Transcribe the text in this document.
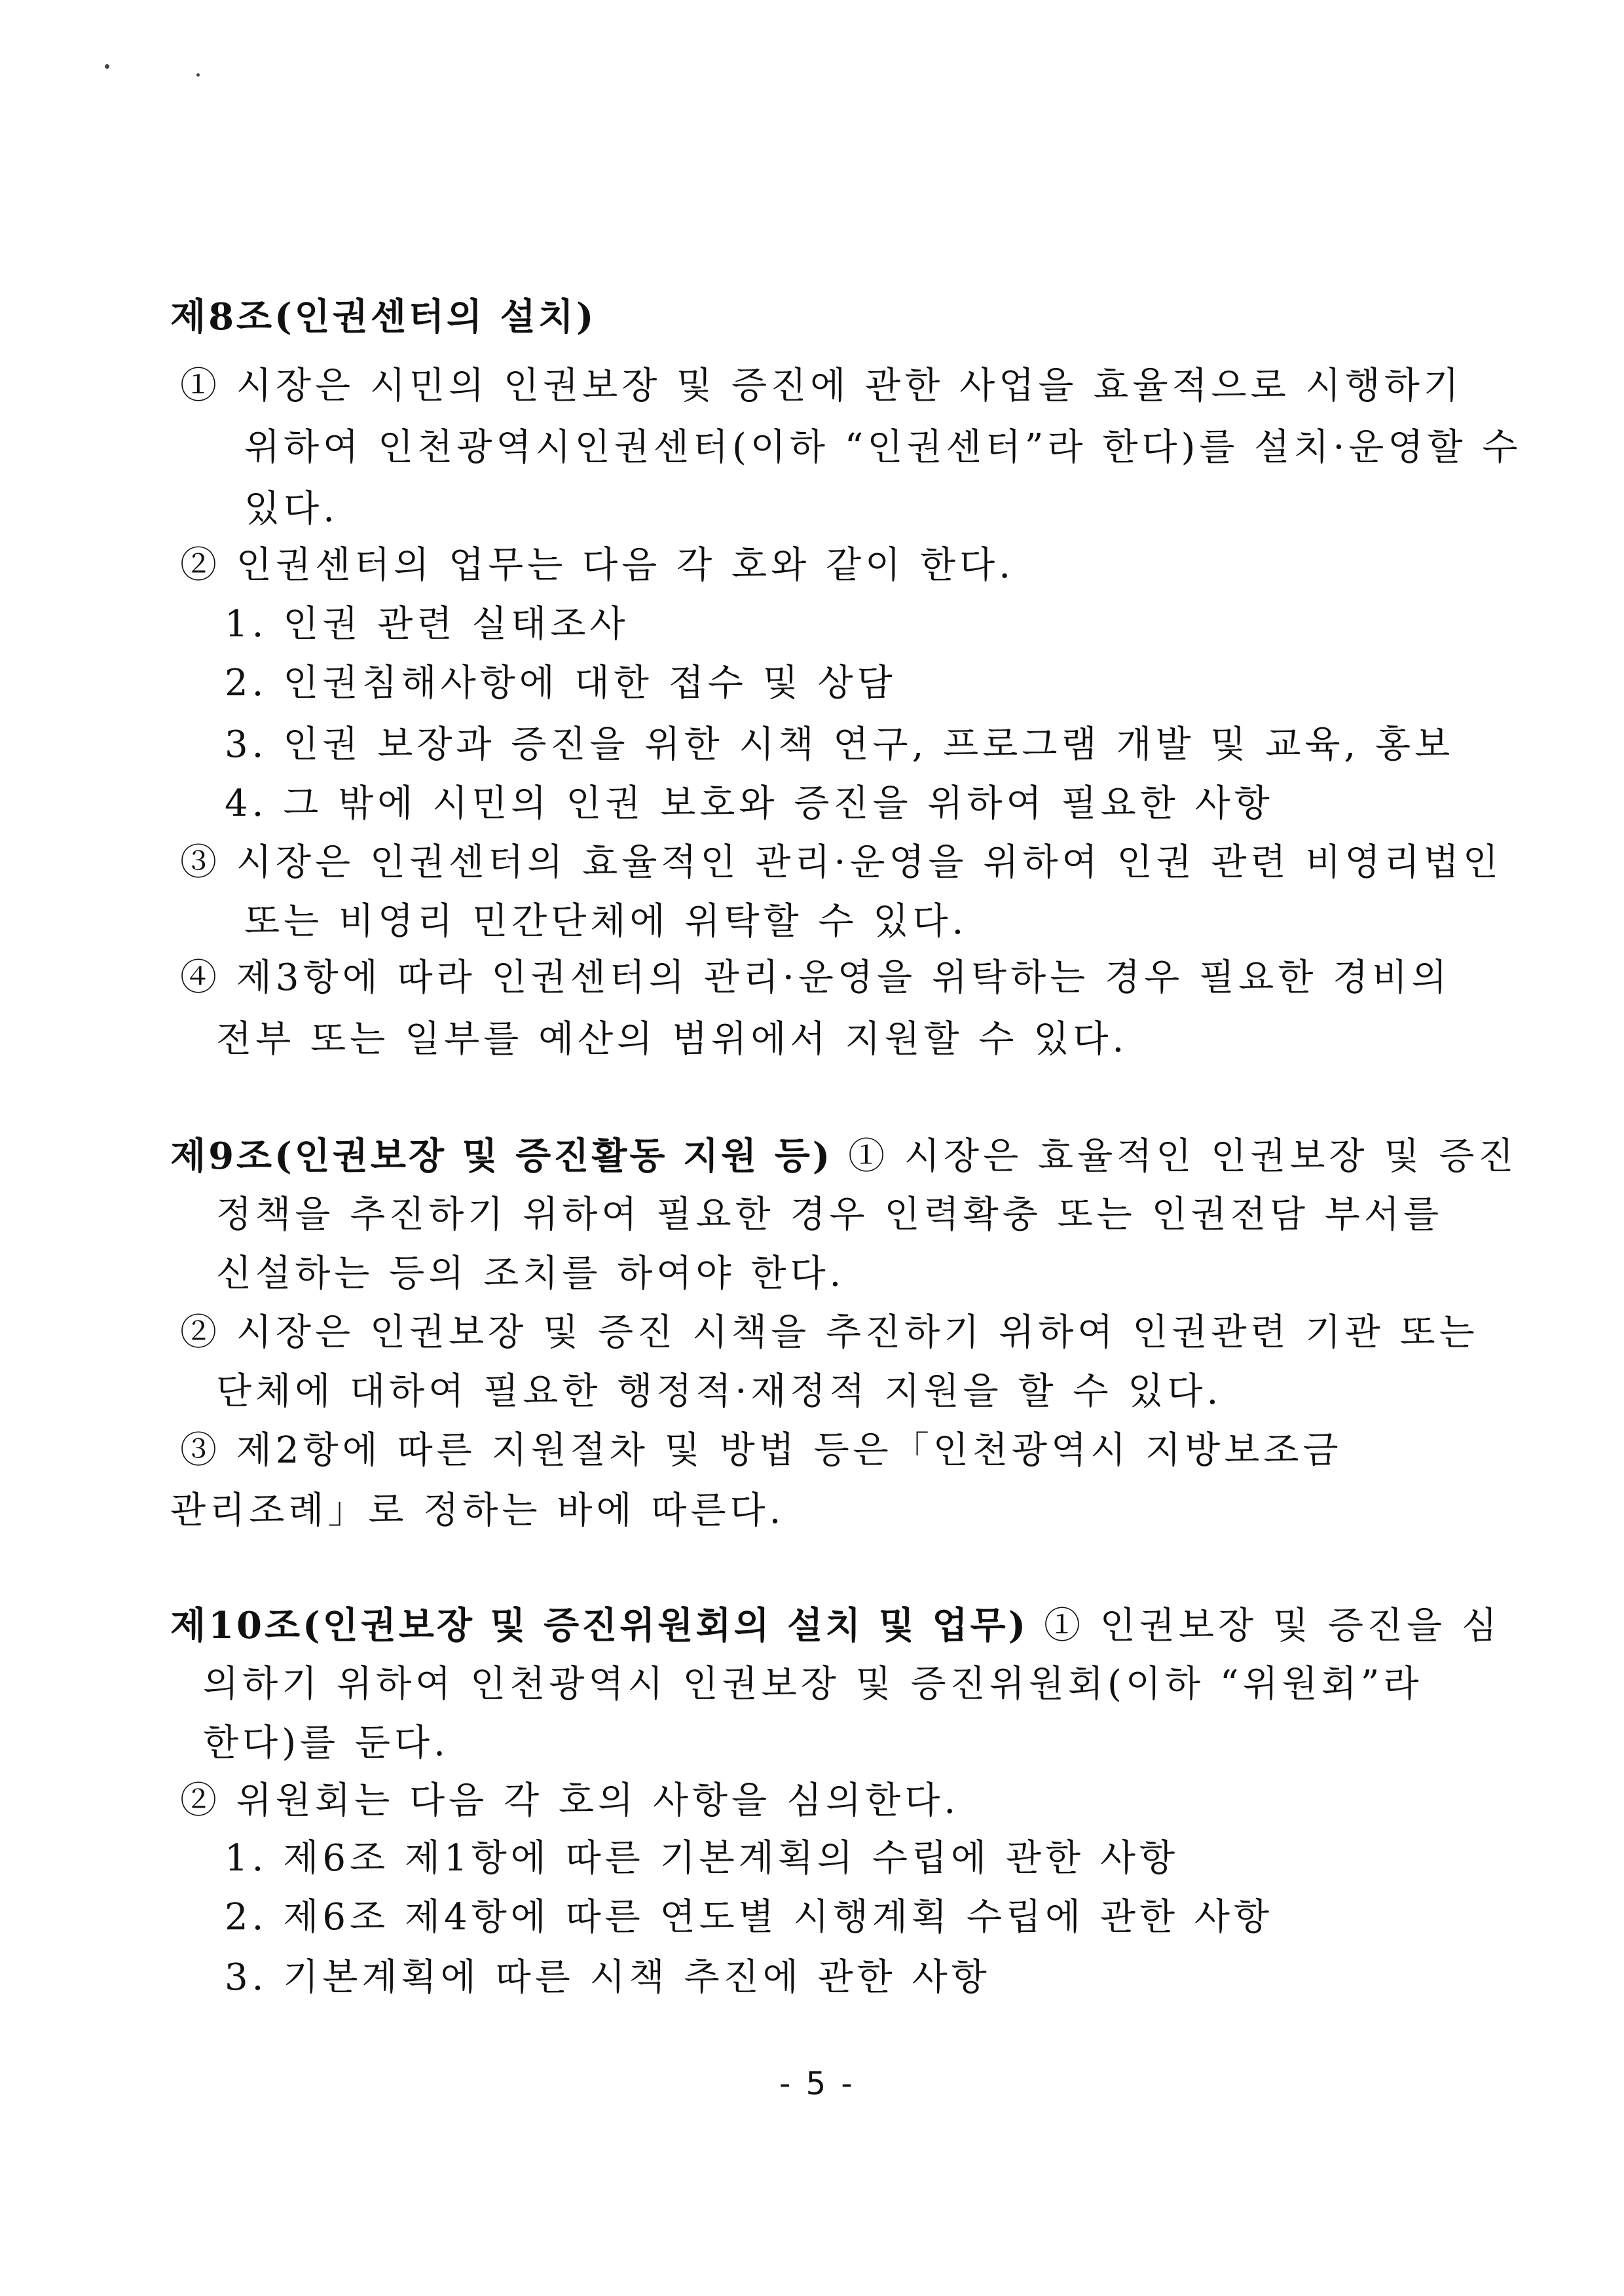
제8조(인권센터의 설치)
① 시장은 시민의 인권보장 및 증진에 관한 사업을 효율적으로 시행하기
위하여 인천광역시인권센터(이하 “인권센터”라 한다)를 설치·운영할 수
있다.
② 인권센터의 업무는 다음 각 호와 같이 한다.
1. 인권 관련 실태조사
2. 인권침해사항에 대한 접수 및 상담
3. 인권 보장과 증진을 위한 시책 연구, 프로그램 개발 및 교육, 홍보
4. 그 밖에 시민의 인권 보호와 증진을 위하여 필요한 사항
③ 시장은 인권센터의 효율적인 관리·운영을 위하여 인권 관련 비영리법인
또는 비영리 민간단체에 위탁할 수 있다.
④ 제3항에 따라 인권센터의 관리·운영을 위탁하는 경우 필요한 경비의
전부 또는 일부를 예산의 범위에서 지원할 수 있다.
제9조(인권보장 및 증진활동 지원 등) ① 시장은 효율적인 인권보장 및 증진
정책을 추진하기 위하여 필요한 경우 인력확충 또는 인권전담 부서를
신설하는 등의 조치를 하여야 한다.
② 시장은 인권보장 및 증진 시책을 추진하기 위하여 인권관련 기관 또는
단체에 대하여 필요한 행정적·재정적 지원을 할 수 있다.
③ 제2항에 따른 지원절차 및 방법 등은「인천광역시 지방보조금
관리조례」로 정하는 바에 따른다.
제10조(인권보장 및 증진위원회의 설치 및 업무) ① 인권보장 및 증진을 심
의하기 위하여 인천광역시 인권보장 및 증진위원회(이하 “위원회”라
한다)를 둔다.
② 위원회는 다음 각 호의 사항을 심의한다.
1. 제6조 제1항에 따른 기본계획의 수립에 관한 사항
2. 제6조 제4항에 따른 연도별 시행계획 수립에 관한 사항
3. 기본계획에 따른 시책 추진에 관한 사항
- 5 -
